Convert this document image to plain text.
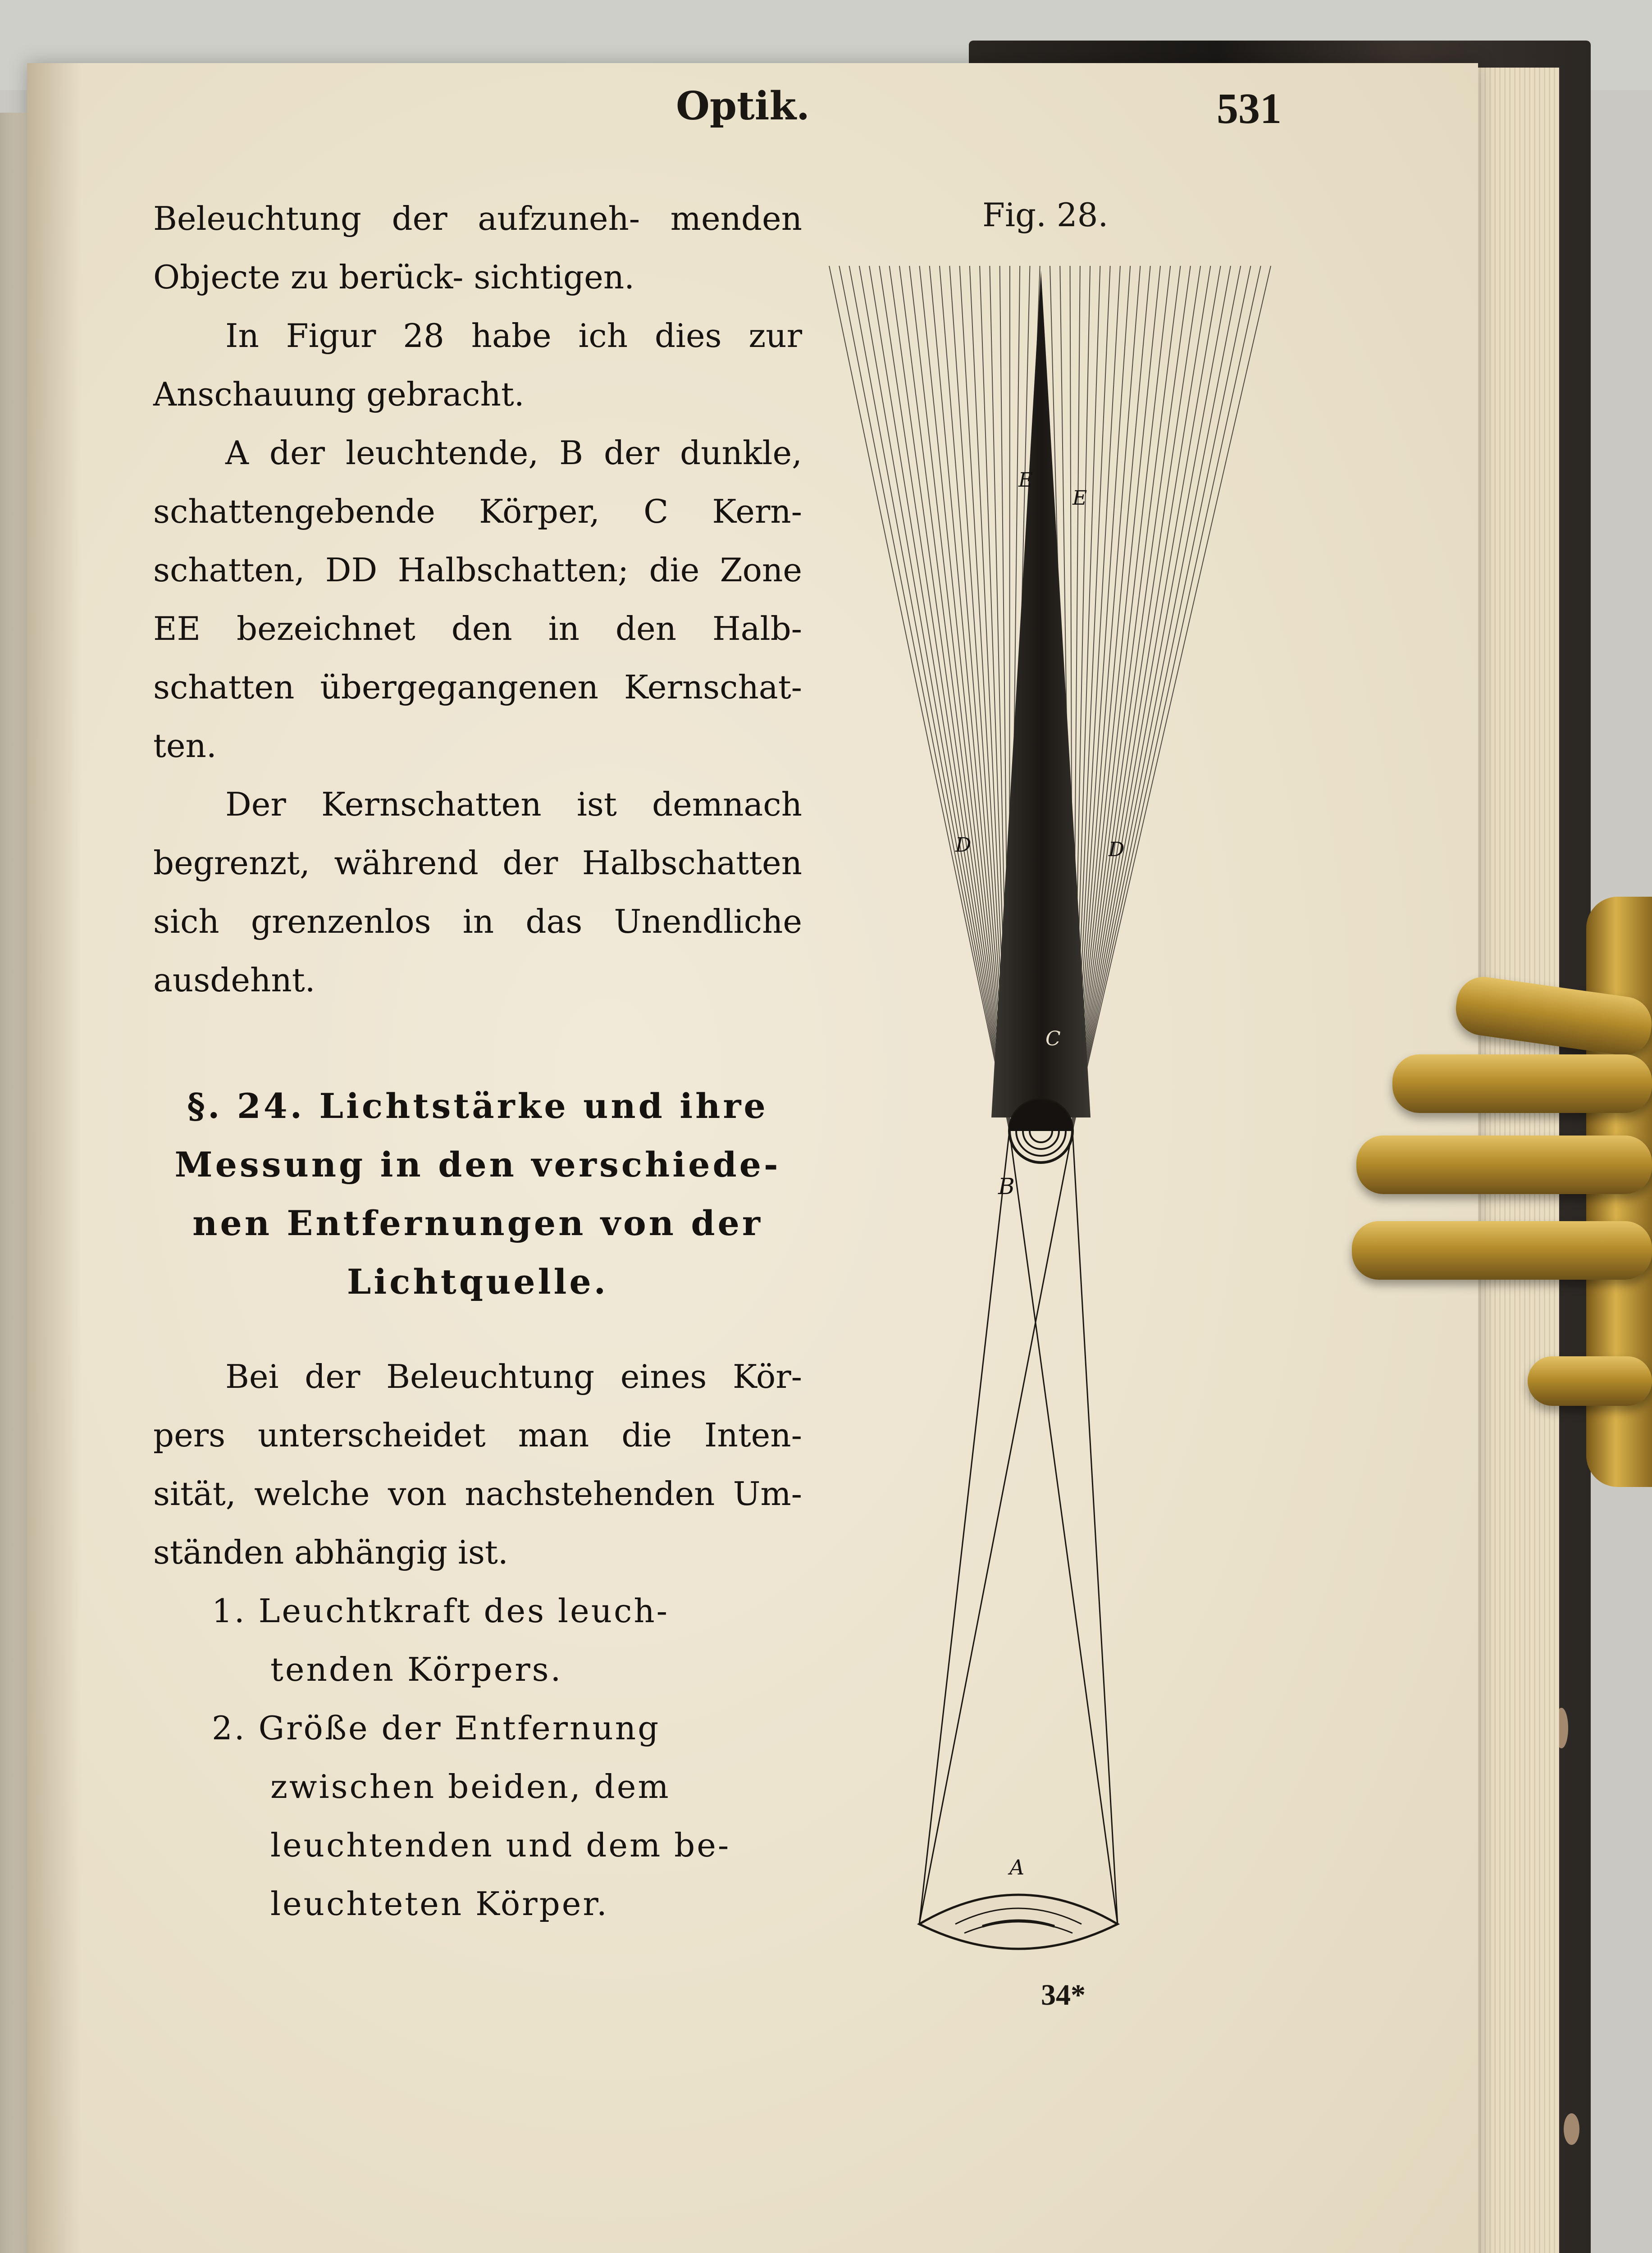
Optik.	531

Beleuchtung der aufzuneh- menden Objecte zu berück- sichtigen.

In Figur 28 habe ich dies zur Anschauung gebracht.

A der leuchtende, B der dunkle, schattengebende Körper, C Kern- schatten, DD Halbschatten; die Zone EE bezeichnet den in den Halb- schatten übergegangenen Kernschat- ten.

Der Kernschatten ist demnach begrenzt, während der Halbschatten sich grenzenlos in das Unendliche ausdehnt.

§. 24. Lichtstärke und ihre Messung in den verschiede- nen Entfernungen von der Lichtquelle.

Bei der Beleuchtung eines Kör- pers unterscheidet man die Inten- sität, welche von nachstehenden Um- ständen abhängig ist.

1. Leuchtkraft des leuch- tenden Körpers.
2. Größe der Entfernung zwischen beiden, dem leuchtenden und dem be- leuchteten Körper.
Fig. 28.
E
E
D	D
C
B
A
34*
